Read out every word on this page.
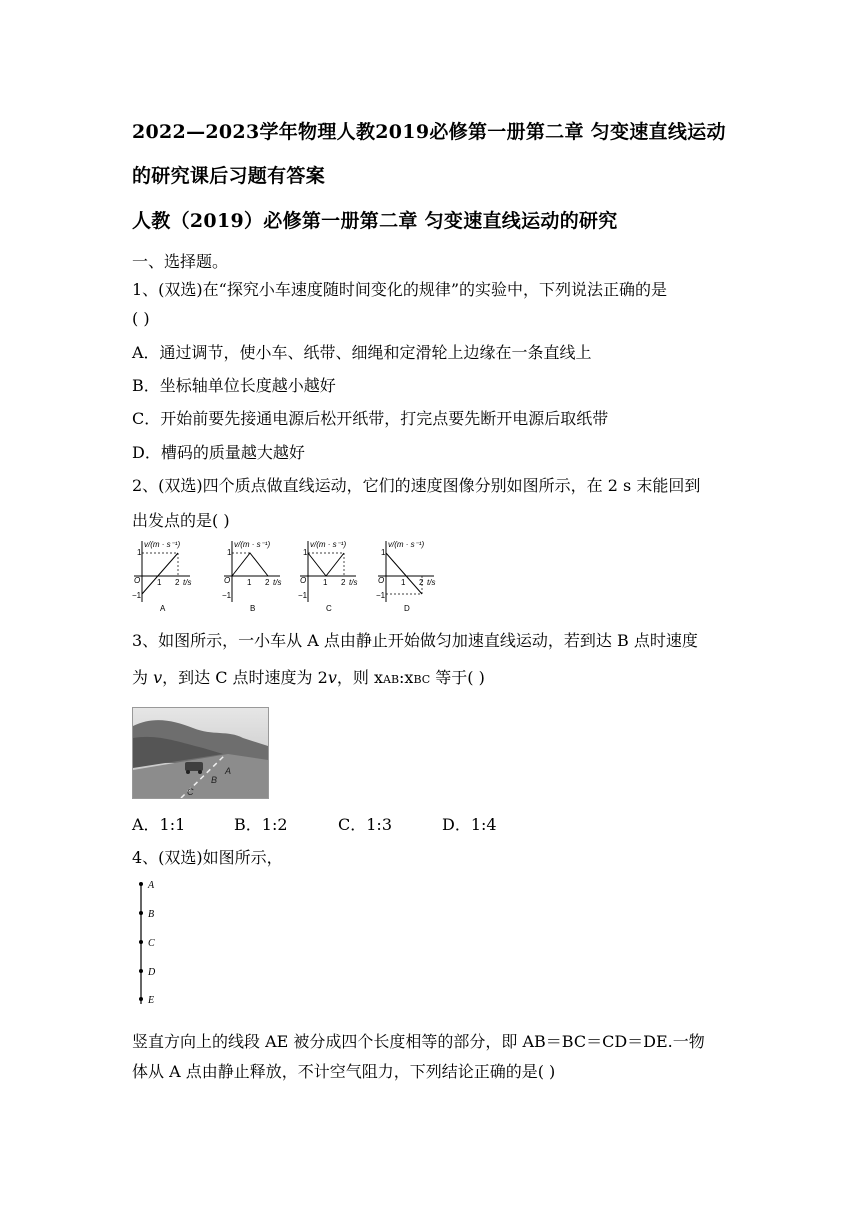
2022—2023学年物理人教2019必修第一册第二章 匀变速直线运动
的研究课后习题有答案
人教（2019）必修第一册第二章 匀变速直线运动的研究
一、选择题。
1、(双选)在“探究小车速度随时间变化的规律”的实验中，下列说法正确的是
( )
A．通过调节，使小车、纸带、细绳和定滑轮上边缘在一条直线上
B．坐标轴单位长度越小越好
C．开始前要先接通电源后松开纸带，打完点要先断开电源后取纸带
D．槽码的质量越大越好
2、(双选)四个质点做直线运动，它们的速度图像分别如图所示，在 2 s 末能回到
出发点的是( )
v/(m · s⁻¹)
1
−1
O 1 2 t/s
A
v/(m · s⁻¹)
1
−1
O 1 2 t/s
B
v/(m · s⁻¹)
1
−1
O 1 2 t/s
C
v/(m · s⁻¹)
1
−1
O 1 2 t/s
D
3、如图所示，一小车从 A 点由静止开始做匀加速直线运动，若到达 B 点时速度
为 v，到达 C 点时速度为 2v，则 xAB:xBC 等于( )
A
B
C
A．1:1	B．1:2	C．1:3	D．1:4
4、(双选)如图所示，
A
B
C
D
E
竖直方向上的线段 AE 被分成四个长度相等的部分，即 AB＝BC＝CD＝DE.一物
体从 A 点由静止释放，不计空气阻力，下列结论正确的是( )
